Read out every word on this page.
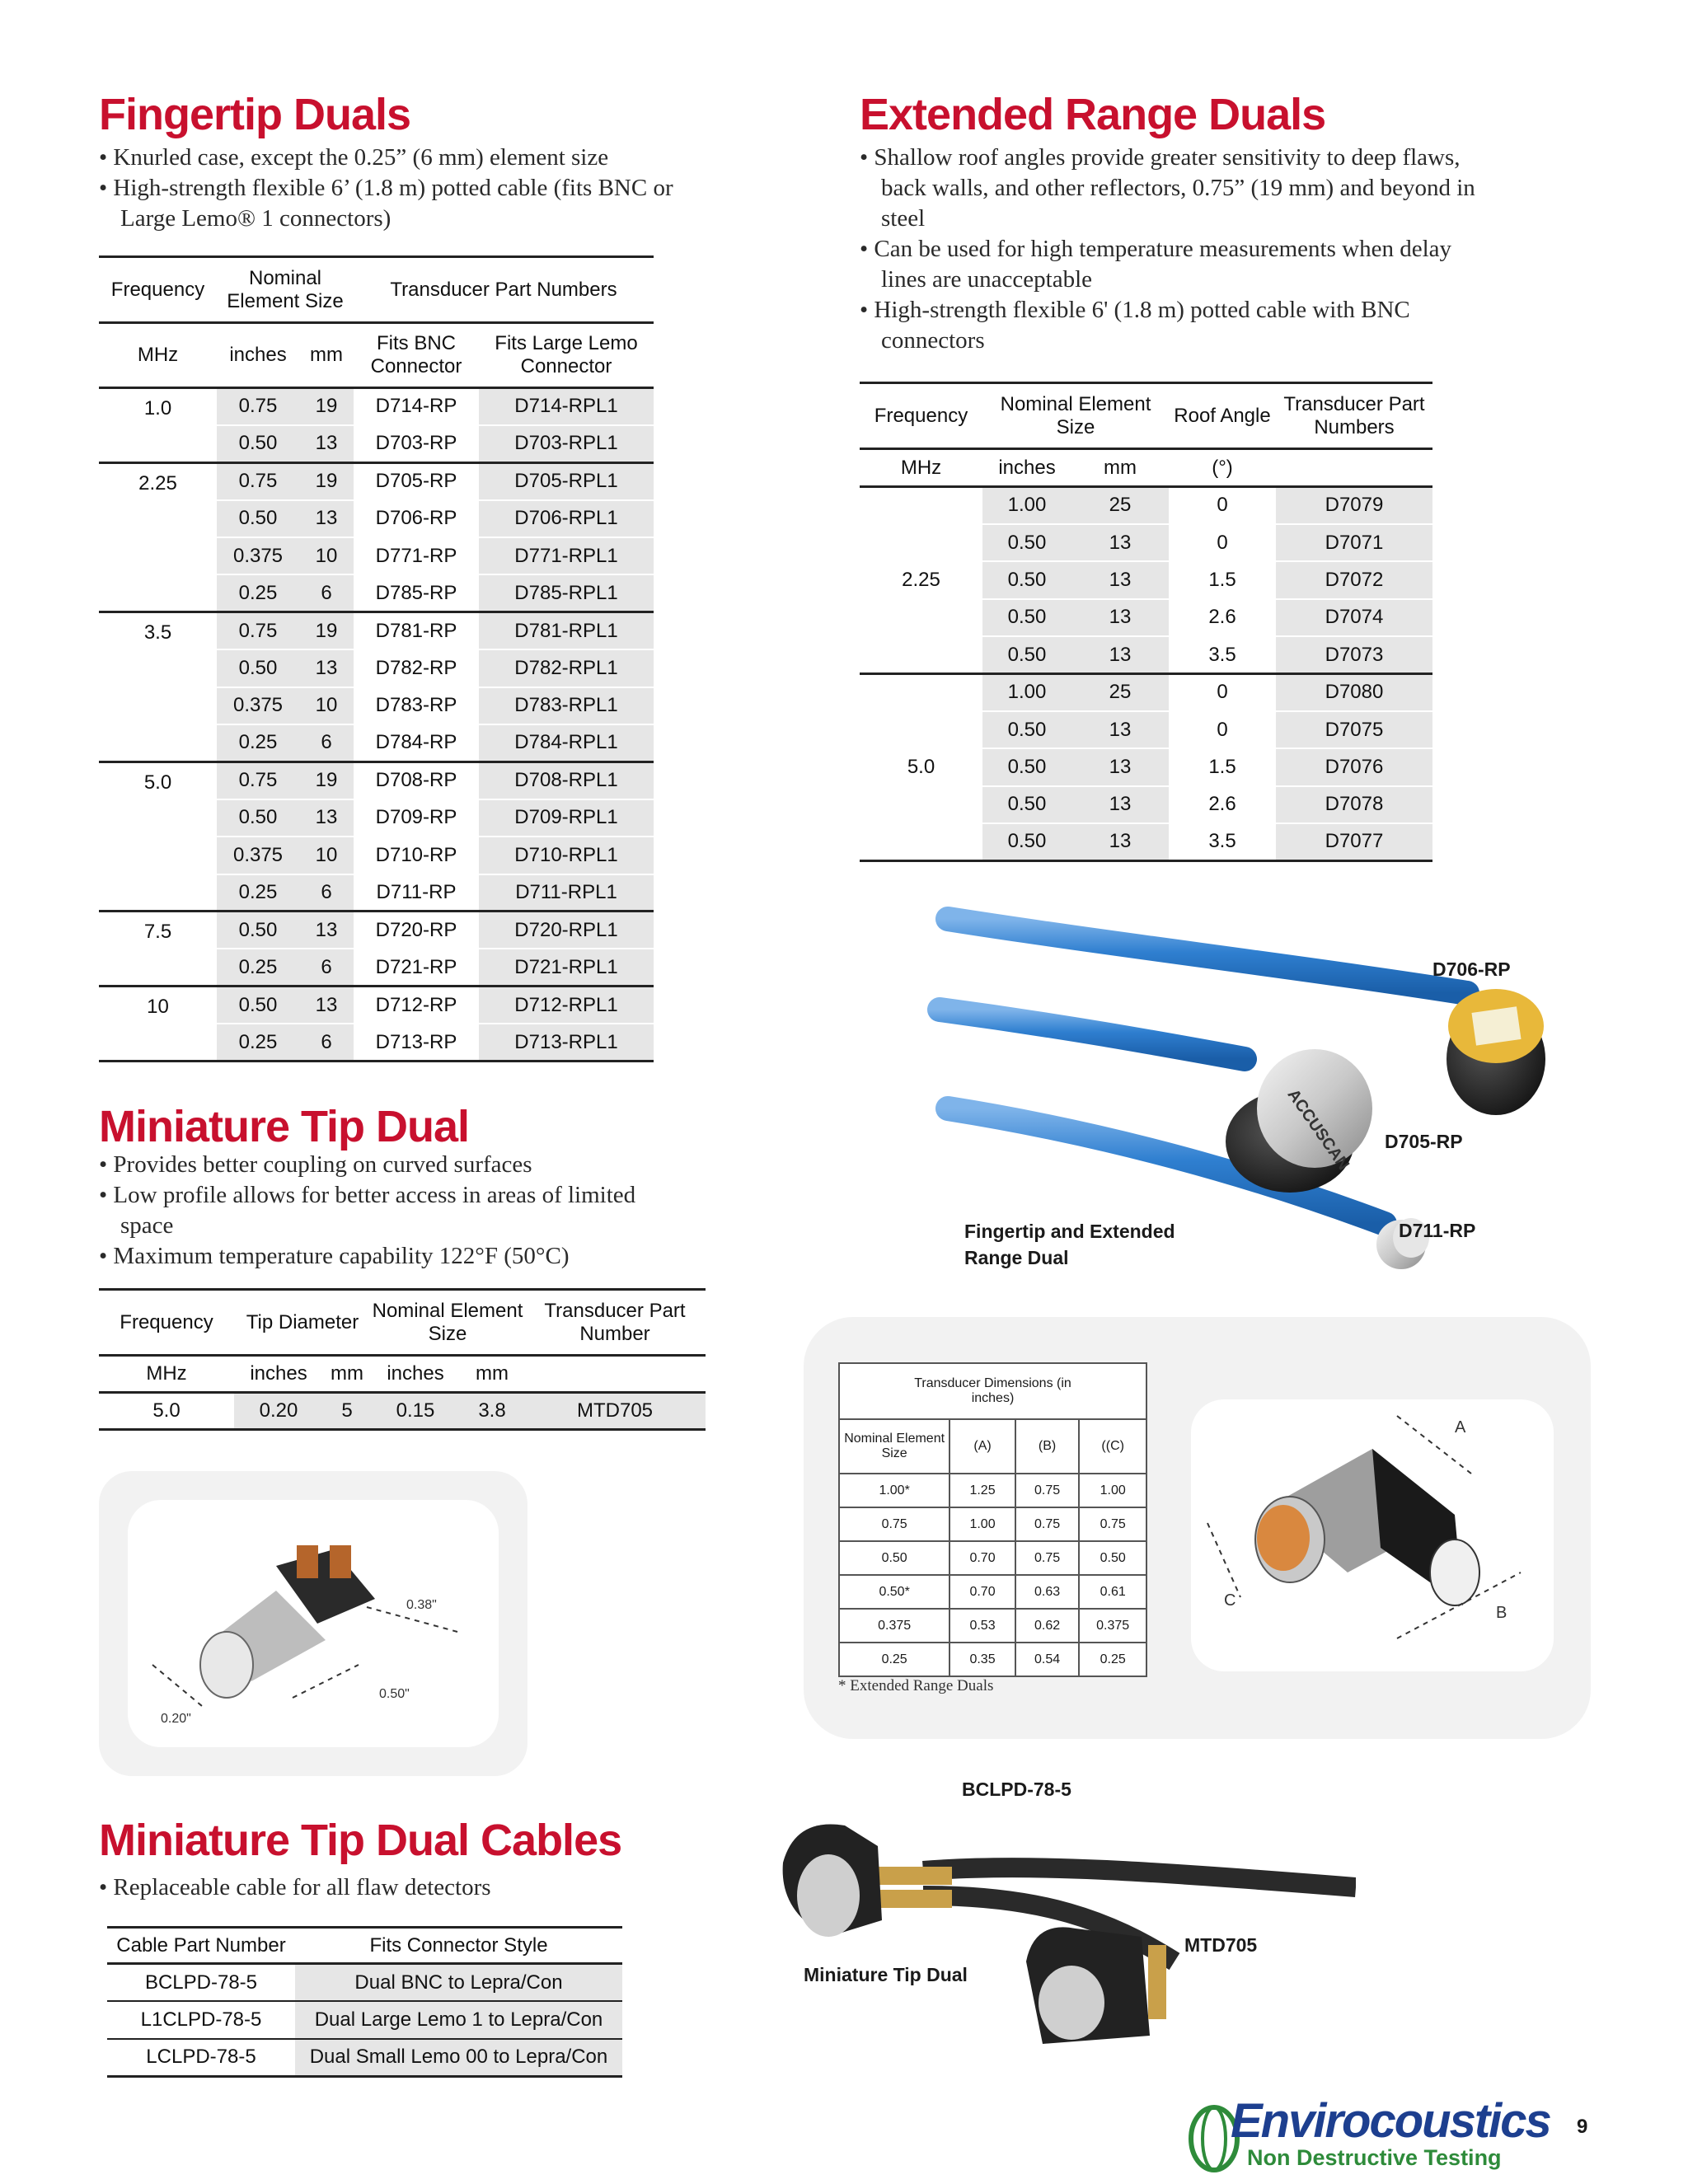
Fingertip Duals
• Knurled case, except the 0.25” (6 mm) element size
• High-strength flexible 6’ (1.8 m) potted cable (fits BNC or Large Lemo® 1 connectors)
Frequency	Nominal Element Size		Transducer Part Numbers	
MHz	inches	mm	Fits BNC Connector	Fits Large Lemo Connector
1.0	0.75	19	D714-RP	D714-RPL1
	0.50	13	D703-RP	D703-RPL1
2.25	0.75	19	D705-RP	D705-RPL1
	0.50	13	D706-RP	D706-RPL1
	0.375	10	D771-RP	D771-RPL1
	0.25	6	D785-RP	D785-RPL1
3.5	0.75	19	D781-RP	D781-RPL1
	0.50	13	D782-RP	D782-RPL1
	0.375	10	D783-RP	D783-RPL1
	0.25	6	D784-RP	D784-RPL1
5.0	0.75	19	D708-RP	D708-RPL1
	0.50	13	D709-RP	D709-RPL1
	0.375	10	D710-RP	D710-RPL1
	0.25	6	D711-RP	D711-RPL1
7.5	0.50	13	D720-RP	D720-RPL1
	0.25	6	D721-RP	D721-RPL1
10	0.50	13	D712-RP	D712-RPL1
	0.25	6	D713-RP	D713-RPL1
Extended Range Duals
• Shallow roof angles provide greater sensitivity to deep flaws, back walls, and other reflectors, 0.75” (19 mm) and beyond in steel
• Can be used for high temperature measurements when delay lines are unacceptable
• High-strength flexible 6' (1.8 m) potted cable with BNC connectors
Frequency	Nominal Element Size		Roof Angle	Transducer Part Numbers
MHz	inches	mm	(°)	
2.25	1.00	25	0	D7079
	0.50	13	0	D7071
	0.50	13	1.5	D7072
	0.50	13	2.6	D7074
	0.50	13	3.5	D7073
5.0	1.00	25	0	D7080
	0.50	13	0	D7075
	0.50	13	1.5	D7076
	0.50	13	2.6	D7078
	0.50	13	3.5	D7077
ACCUSCAN
D706-RP
D705-RP
D711-RP
Fingertip and Extended Range Dual
Miniature Tip Dual
• Provides better coupling on curved surfaces
• Low profile allows for better access in areas of limited space
• Maximum temperature capability 122°F (50°C)
Frequency	Tip Diameter		Nominal Element Size		Transducer Part Number
MHz	inches	mm	inches	mm	
5.0	0.20	5	0.15	3.8	MTD705
0.38"
0.50"
0.20"
Transducer Dimensions (in inches)			
Nominal Element Size	(A)	(B)	((C)
1.00*	1.25	0.75	1.00
0.75	1.00	0.75	0.75
0.50	0.70	0.75	0.50
0.50*	0.70	0.63	0.61
0.375	0.53	0.62	0.375
0.25	0.35	0.54	0.25
* Extended Range Duals
A
B
C
Miniature Tip Dual Cables
• Replaceable cable for all flaw detectors
Cable Part Number	Fits Connector Style
BCLPD-78-5	Dual BNC to Lepra/Con
L1CLPD-78-5	Dual Large Lemo 1 to Lepra/Con
LCLPD-78-5	Dual Small Lemo 00 to Lepra/Con
BCLPD-78-5
MTD705
Miniature Tip Dual
Envirocoustics
Non Destructive Testing
9
